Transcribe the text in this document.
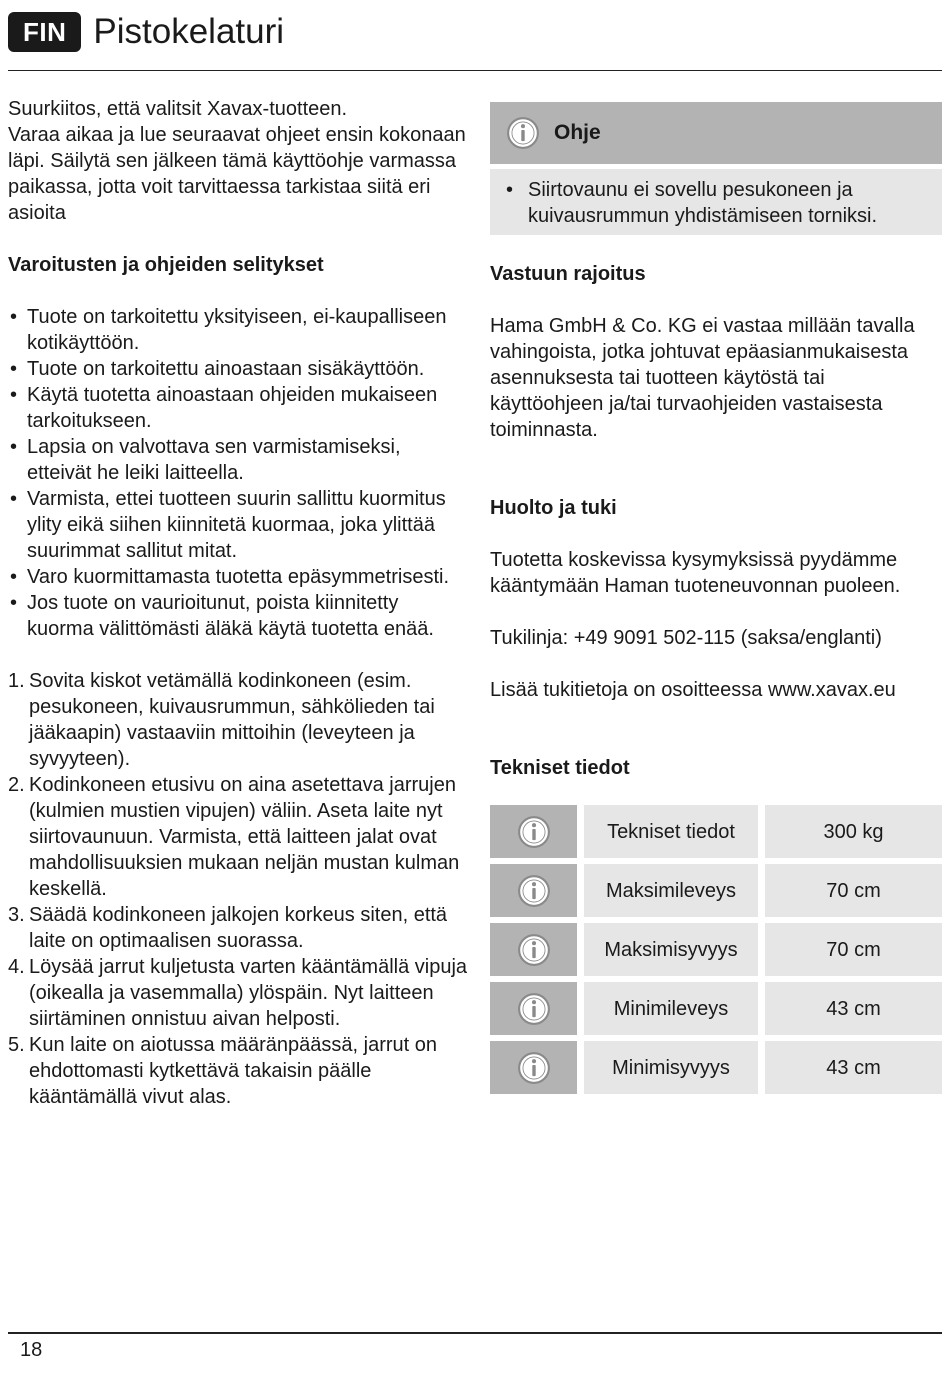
FIN Pistokelaturi

Suurkiitos, että valitsit Xavax-tuotteen.

Varaa aikaa ja lue seuraavat ohjeet ensin kokonaan läpi. Säilytä sen jälkeen tämä käyttöohje varmassa paikassa, jotta voit tarvittaessa tarkistaa siitä eri asioita

Varoitusten ja ohjeiden selitykset

• Tuote on tarkoitettu yksityiseen, ei-kaupalliseen kotikäyttöön.
• Tuote on tarkoitettu ainoastaan sisäkäyttöön.
• Käytä tuotetta ainoastaan ohjeiden mukaiseen tarkoitukseen.
• Lapsia on valvottava sen varmistamiseksi, etteivät he leiki laitteella.
• Varmista, ettei tuotteen suurin sallittu kuormitus ylity eikä siihen kiinnitetä kuormaa, joka ylittää suurimmat sallitut mitat.
• Varo kuormittamasta tuotetta epäsymmetrisesti.
• Jos tuote on vaurioitunut, poista kiinnitetty kuorma välittömästi äläkä käytä tuotetta enää.
1. Sovita kiskot vetämällä kodinkoneen (esim. pesukoneen, kuivausrummun, sähkölieden tai jääkaapin) vastaaviin mittoihin (leveyteen ja syvyyteen).
2. Kodinkoneen etusivu on aina asetettava jarrujen (kulmien mustien vipujen) väliin. Aseta laite nyt siirtovaunuun. Varmista, että laitteen jalat ovat mahdollisuuksien mukaan neljän mustan kulman keskellä.
3. Säädä kodinkoneen jalkojen korkeus siten, että laite on optimaalisen suorassa.
4. Löysää jarrut kuljetusta varten kääntämällä vipuja (oikealla ja vasemmalla) ylöspäin. Nyt laitteen siirtäminen onnistuu aivan helposti.
5. Kun laite on aiotussa määränpäässä, jarrut on ehdottomasti kytkettävä takaisin päälle kääntämällä vivut alas.
Ohje
• Siirtovaunu ei sovellu pesukoneen ja kuivausrummun yhdistämiseen torniksi.

Vastuun rajoitus

Hama GmbH & Co. KG ei vastaa millään tavalla vahingoista, jotka johtuvat epäasianmukaisesta asennuksesta tai tuotteen käytöstä tai käyttöohjeen ja/tai turvaohjeiden vastaisesta toiminnasta.

Huolto ja tuki

Tuotetta koskevissa kysymyksissä pyydämme kääntymään Haman tuoteneuvonnan puoleen.

Tukilinja: +49 9091 502-115 (saksa/englanti)

Lisää tukitietoja on osoitteessa www.xavax.eu

Tekniset tiedot

Tekniset tiedot	300 kg
Maksimileveys	70 cm
Maksimisyvyys	70 cm
Minimileveys	43 cm
Minimisyvyys	43 cm
18
